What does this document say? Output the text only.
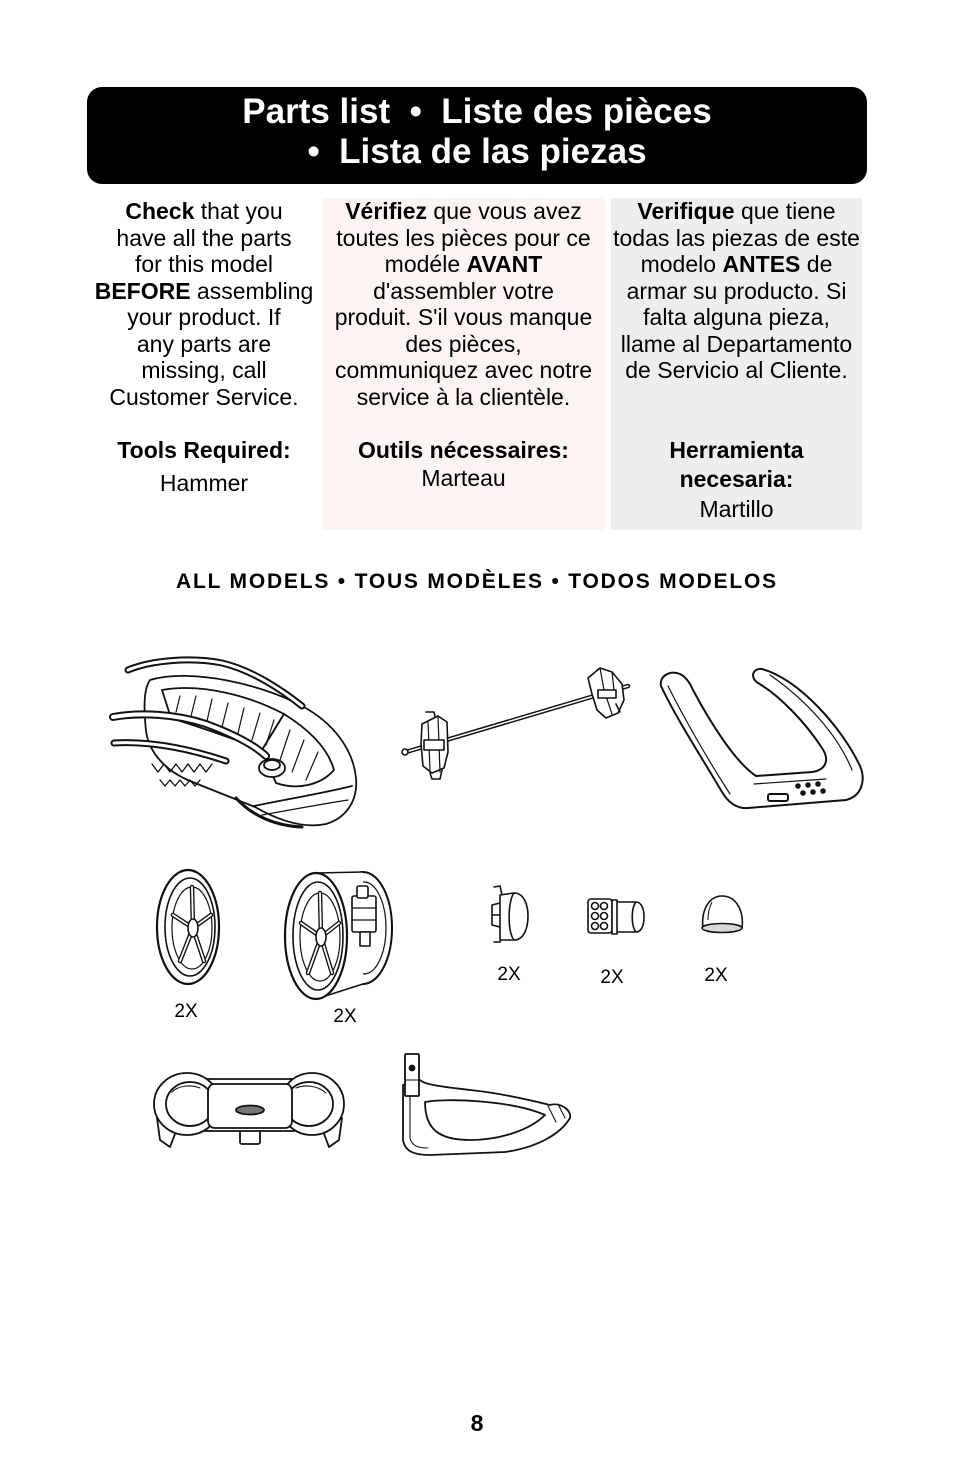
Parts list  •  Liste des pièces
•  Lista de las piezas
Check that you
have all the parts
for this model
BEFORE assembling
your product. If
any parts are
missing, call
Customer Service.
Tools Required:
Hammer
Vérifiez que vous avez
toutes les pièces pour ce
modéle AVANT
d'assembler votre
produit. S'il vous manque
des pièces,
communiquez avec notre
service à la clientèle.
Outils nécessaires:
Marteau
Verifique que tiene
todas las piezas de este
modelo ANTES de
armar su producto. Si
falta alguna pieza,
llame al Departamento
de Servicio al Cliente.
Herramienta
necesaria:
Martillo
ALL MODELS • TOUS MODÈLES • TODOS MODELOS
2X	2X
2X	2X	2X
8
